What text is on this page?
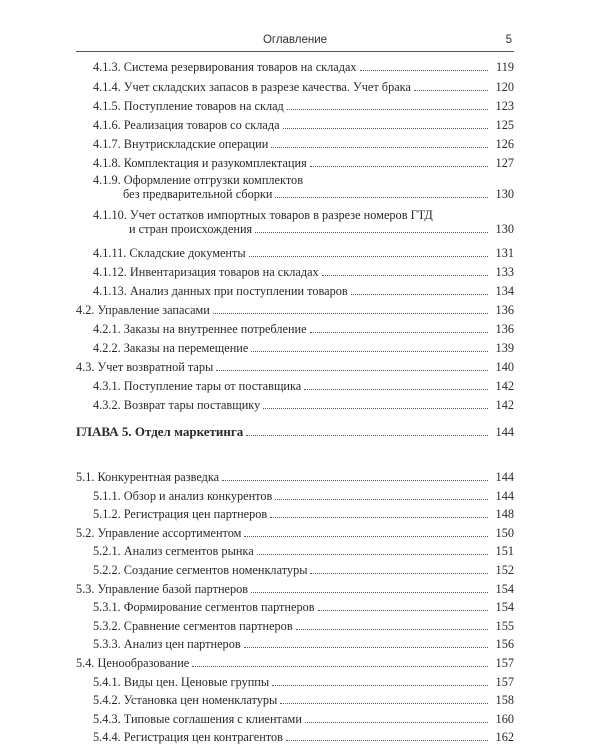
Оглавление	5
4.1.3. Система резервирования товаров на складах	119
4.1.4. Учет складских запасов в разрезе качества. Учет брака	120
4.1.5. Поступление товаров на склад	123
4.1.6. Реализация товаров со склада	125
4.1.7. Внутрискладские операции	126
4.1.8. Комплектация и разукомплектация	127
4.1.9. Оформление отгрузки комплектов
без предварительной сборки	130
4.1.10. Учет остатков импортных товаров в разрезе номеров ГТД
и стран происхождения	130
4.1.11. Складские документы	131
4.1.12. Инвентаризация товаров на складах	133
4.1.13. Анализ данных при поступлении товаров	134
4.2. Управление запасами	136
4.2.1. Заказы на внутреннее потребление	136
4.2.2. Заказы на перемещение	139
4.3. Учет возвратной тары	140
4.3.1. Поступление тары от поставщика	142
4.3.2. Возврат тары поставщику	142
ГЛАВА 5. Отдел маркетинга	144
5.1. Конкурентная разведка	144
5.1.1. Обзор и анализ конкурентов	144
5.1.2. Регистрация цен партнеров	148
5.2. Управление ассортиментом	150
5.2.1. Анализ сегментов рынка	151
5.2.2. Создание сегментов номенклатуры	152
5.3. Управление базой партнеров	154
5.3.1. Формирование сегментов партнеров	154
5.3.2. Сравнение сегментов партнеров	155
5.3.3. Анализ цен партнеров	156
5.4. Ценообразование	157
5.4.1. Виды цен. Ценовые группы	157
5.4.2. Установка цен номенклатуры	158
5.4.3. Типовые соглашения с клиентами	160
5.4.4. Регистрация цен контрагентов	162
